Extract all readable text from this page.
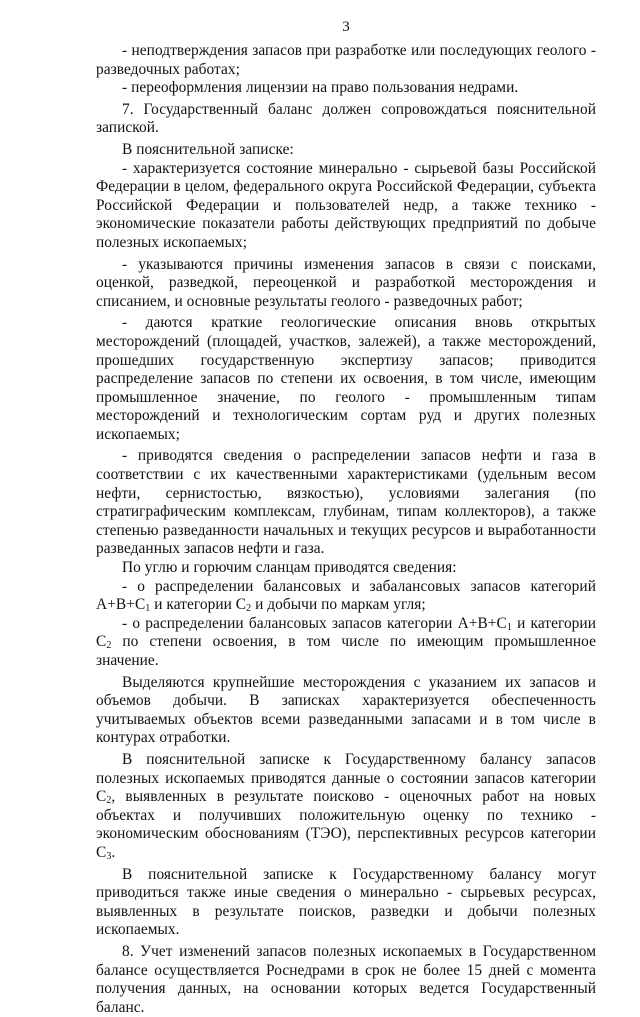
3

- неподтверждения запасов при разработке или последующих геолого - разведочных работах;

- переоформления лицензии на право пользования недрами.

7. Государственный баланс должен сопровождаться пояснительной запиской.

В пояснительной записке:

- характеризуется состояние минерально - сырьевой базы Российской Федерации в целом, федерального округа Российской Федерации, субъекта Российской Федерации и пользователей недр, а также технико - экономические показатели работы действующих предприятий по добыче полезных ископаемых;

- указываются причины изменения запасов в связи с поисками, оценкой, разведкой, переоценкой и разработкой месторождения и списанием, и основные результаты геолого - разведочных работ;

- даются краткие геологические описания вновь открытых месторождений (площадей, участков, залежей), а также месторождений, прошедших государственную экспертизу запасов; приводится распределение запасов по степени их освоения, в том числе, имеющим промышленное значение, по геолого - промышленным типам месторождений и технологическим сортам руд и других полезных ископаемых;

- приводятся сведения о распределении запасов нефти и газа в соответствии с их качественными характеристиками (удельным весом нефти, сернистостью, вязкостью), условиями залегания (по стратиграфическим комплексам, глубинам, типам коллекторов), а также степенью разведанности начальных и текущих ресурсов и выработанности разведанных запасов нефти и газа.

По углю и горючим сланцам приводятся сведения:

- о распределении балансовых и забалансовых запасов категорий $А+В+С_1$ и категории $С_2$ и добычи по маркам угля;

- о распределении балансовых запасов категории $А+В+С_1$ и категории $С_2$ по степени освоения, в том числе по имеющим промышленное значение.

Выделяются крупнейшие месторождения с указанием их запасов и объемов добычи. В записках характеризуется обеспеченность учитываемых объектов всеми разведанными запасами и в том числе в контурах отработки.

В пояснительной записке к Государственному балансу запасов полезных ископаемых приводятся данные о состоянии запасов категории $С_2$, выявленных в результате поисково - оценочных работ на новых объектах и получивших положительную оценку по технико - экономическим обоснованиям (ТЭО), перспективных ресурсов категории $С_3$.

В пояснительной записке к Государственному балансу могут приводиться также иные сведения о минерально - сырьевых ресурсах, выявленных в результате поисков, разведки и добычи полезных ископаемых.

8. Учет изменений запасов полезных ископаемых в Государственном балансе осуществляется Роснедрами в срок не более 15 дней с момента получения данных, на основании которых ведется Государственный баланс.
